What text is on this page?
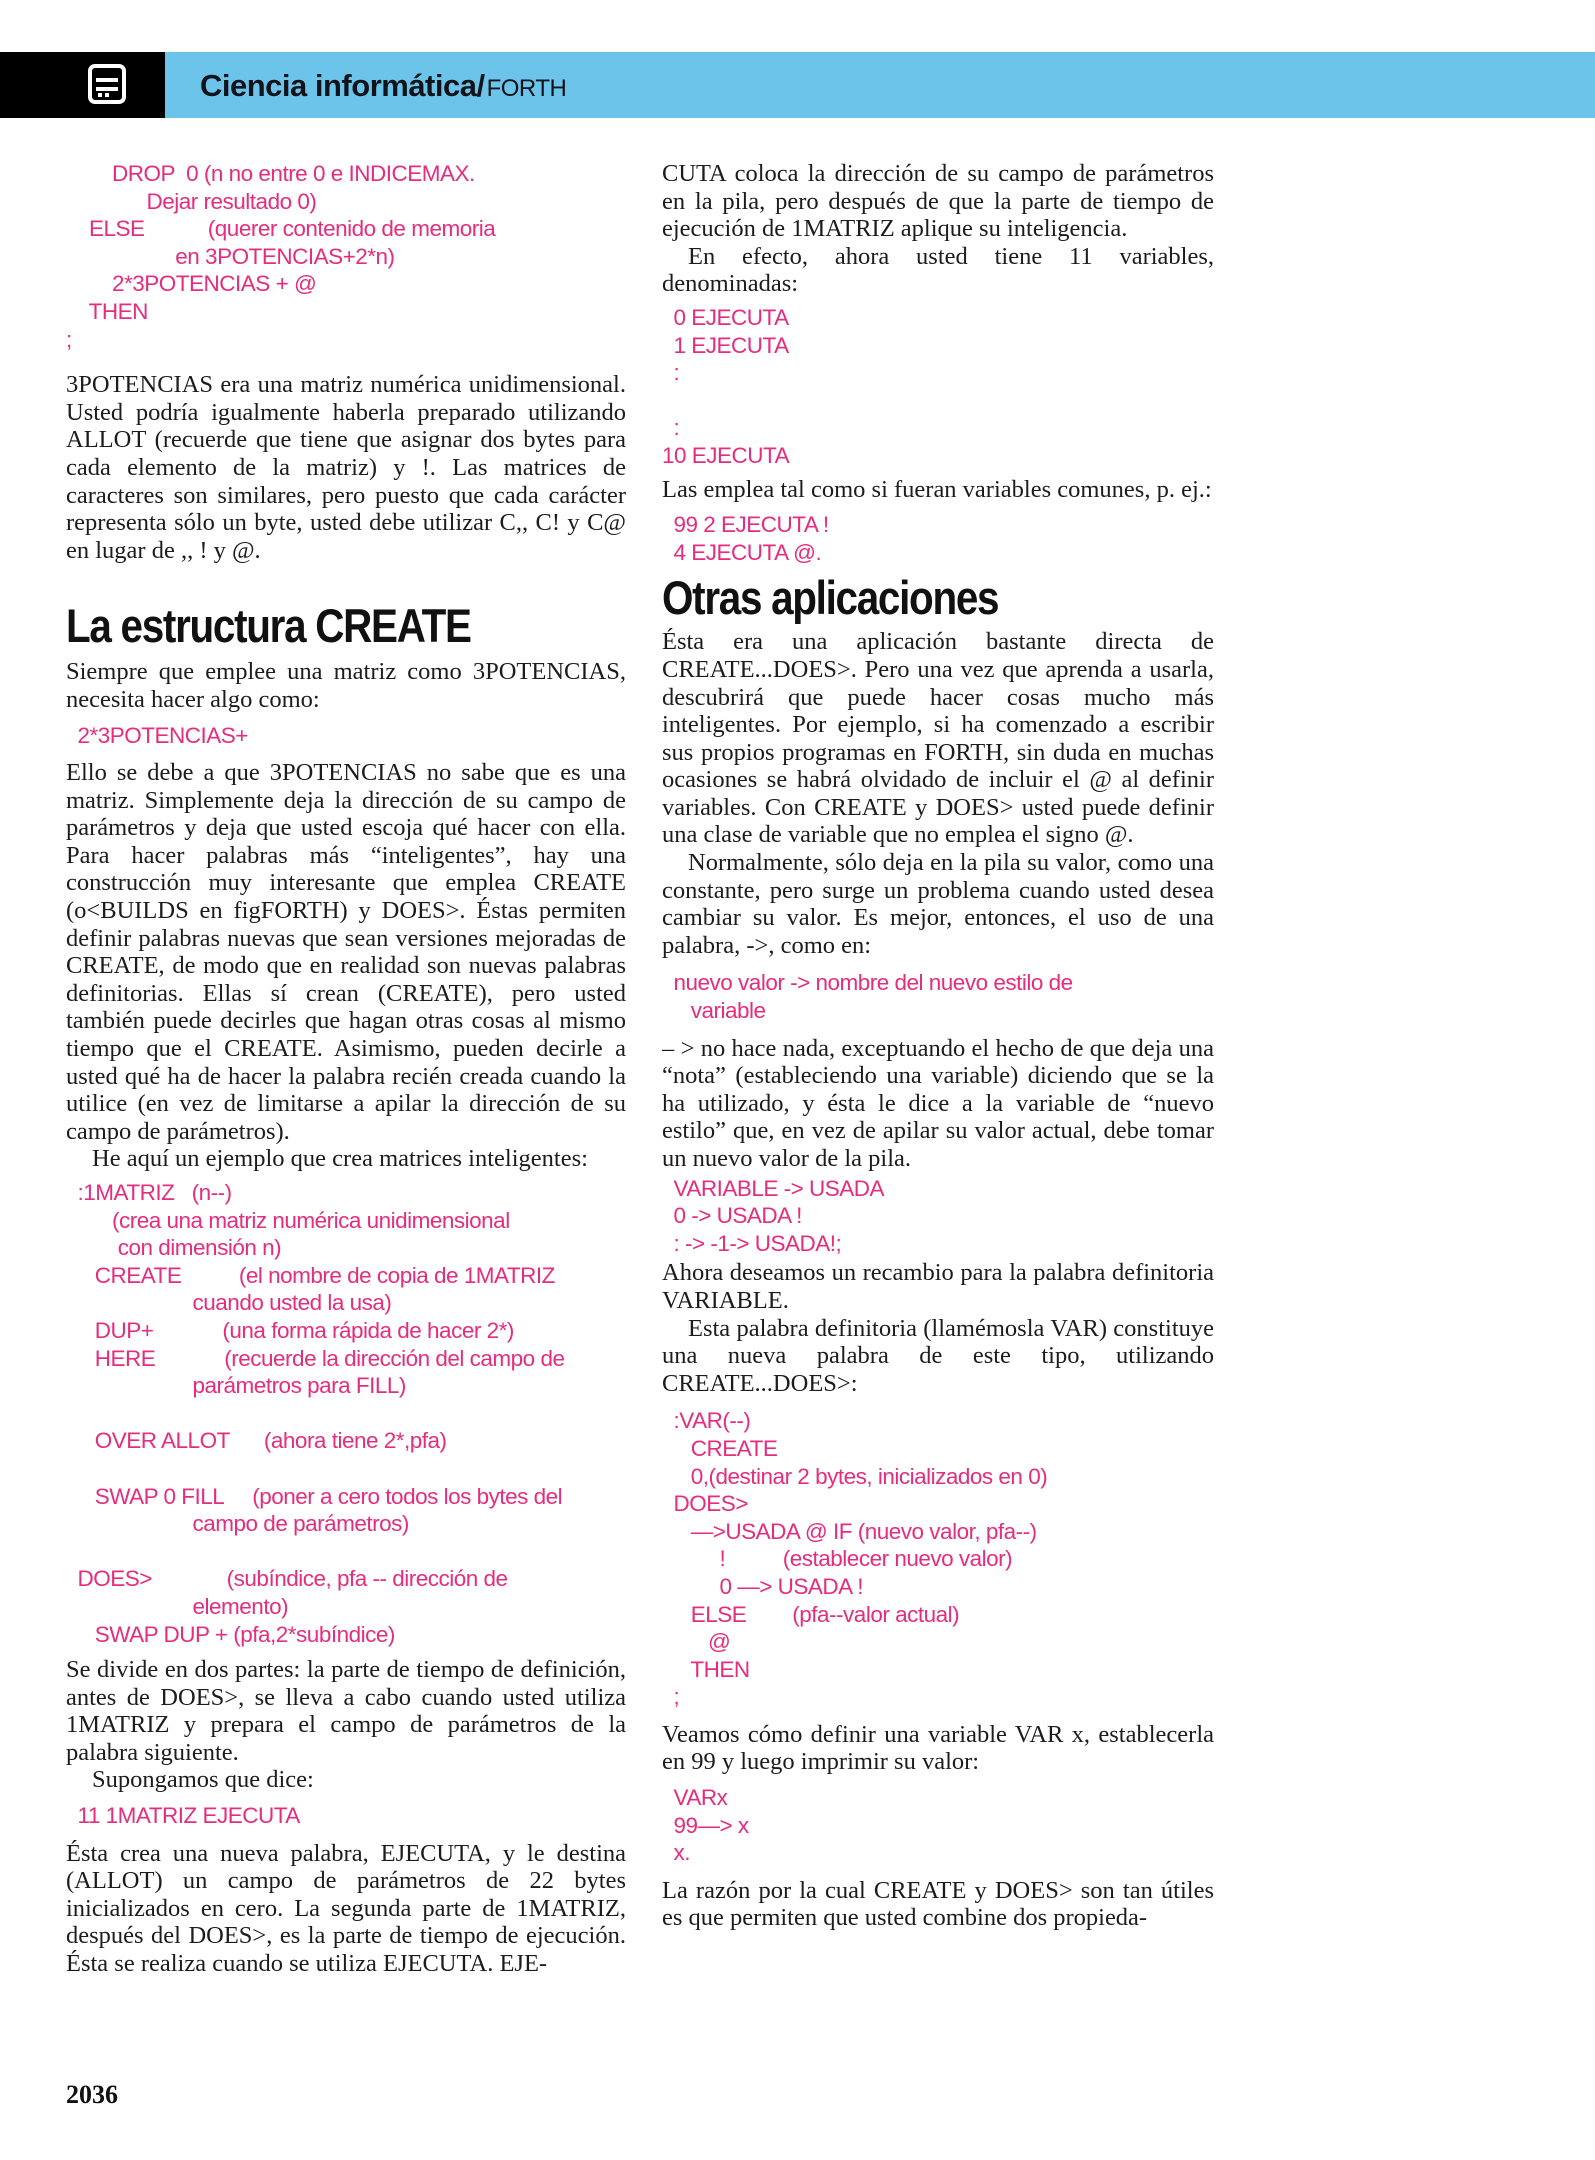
Ciencia informática/FORTH
DROP  0 (n no entre 0 e INDICEMAX.
Dejar resultado 0)
ELSE           (querer contenido de memoria
en 3POTENCIAS+2*n)
2*3POTENCIAS + @
THEN
;

3POTENCIAS era una matriz numérica unidimensional. Usted podría igualmente haberla preparado utilizando ALLOT (recuerde que tiene que asignar dos bytes para cada elemento de la matriz) y !. Las matrices de caracteres son similares, pero puesto que cada carácter representa sólo un byte, usted debe utilizar C,, C! y C@ en lugar de ,, ! y @.

La estructura CREATE

Siempre que emplee una matriz como 3POTENCIAS, necesita hacer algo como:

2*3POTENCIAS+

Ello se debe a que 3POTENCIAS no sabe que es una matriz. Simplemente deja la dirección de su campo de parámetros y deja que usted escoja qué hacer con ella. Para hacer palabras más “inteligentes”, hay una construcción muy interesante que emplea CREATE (o<BUILDS en figFORTH) y DOES>. Éstas permiten definir palabras nuevas que sean versiones mejoradas de CREATE, de modo que en realidad son nuevas palabras definitorias. Ellas sí crean (CREATE), pero usted también puede decirles que hagan otras cosas al mismo tiempo que el CREATE. Asimismo, pueden decirle a usted qué ha de hacer la palabra recién creada cuando la utilice (en vez de limitarse a apilar la dirección de su campo de parámetros).

He aquí un ejemplo que crea matrices inteligentes:

:1MATRIZ   (n--)
(crea una matriz numérica unidimensional
con dimensión n)
CREATE          (el nombre de copia de 1MATRIZ
cuando usted la usa)
DUP+            (una forma rápida de hacer 2*)
HERE            (recuerde la dirección del campo de
parámetros para FILL)

OVER ALLOT      (ahora tiene 2*,pfa)

SWAP 0 FILL     (poner a cero todos los bytes del
campo de parámetros)

DOES>             (subíndice, pfa -- dirección de
elemento)
SWAP DUP + (pfa,2*subíndice)

Se divide en dos partes: la parte de tiempo de definición, antes de DOES>, se lleva a cabo cuando usted utiliza 1MATRIZ y prepara el campo de parámetros de la palabra siguiente.

Supongamos que dice:

11 1MATRIZ EJECUTA

Ésta crea una nueva palabra, EJECUTA, y le destina (ALLOT) un campo de parámetros de 22 bytes inicializados en cero. La segunda parte de 1MATRIZ, después del DOES>, es la parte de tiempo de ejecución. Ésta se realiza cuando se utiliza EJECUTA. EJE-

CUTA coloca la dirección de su campo de parámetros en la pila, pero después de que la parte de tiempo de ejecución de 1MATRIZ aplique su inteligencia.

En efecto, ahora usted tiene 11 variables, denominadas:

0 EJECUTA
1 EJECUTA
:

:
10 EJECUTA

Las emplea tal como si fueran variables comunes, p. ej.:

99 2 EJECUTA !
4 EJECUTA @.
Otras aplicaciones

Ésta era una aplicación bastante directa de CREATE...DOES>. Pero una vez que aprenda a usarla, descubrirá que puede hacer cosas mucho más inteligentes. Por ejemplo, si ha comenzado a escribir sus propios programas en FORTH, sin duda en muchas ocasiones se habrá olvidado de incluir el @ al definir variables. Con CREATE y DOES> usted puede definir una clase de variable que no emplea el signo @.

Normalmente, sólo deja en la pila su valor, como una constante, pero surge un problema cuando usted desea cambiar su valor. Es mejor, entonces, el uso de una palabra, ->, como en:

nuevo valor -> nombre del nuevo estilo de
variable

– > no hace nada, exceptuando el hecho de que deja una “nota” (estableciendo una variable) diciendo que se la ha utilizado, y ésta le dice a la variable de “nuevo estilo” que, en vez de apilar su valor actual, debe tomar un nuevo valor de la pila.

VARIABLE -> USADA
0 -> USADA !
: -> -1-> USADA!;

Ahora deseamos un recambio para la palabra definitoria VARIABLE.

Esta palabra definitoria (llamémosla VAR) constituye una nueva palabra de este tipo, utilizando CREATE...DOES>:

:VAR(--)
CREATE
0,(destinar 2 bytes, inicializados en 0)
DOES>
—>USADA @ IF (nuevo valor, pfa--)
!          (establecer nuevo valor)
0 —> USADA !
ELSE        (pfa--valor actual)
@
THEN
;

Veamos cómo definir una variable VAR x, establecerla en 99 y luego imprimir su valor:

VARx
99—> x
x.

La razón por la cual CREATE y DOES> son tan útiles es que permiten que usted combine dos propieda-

2036
